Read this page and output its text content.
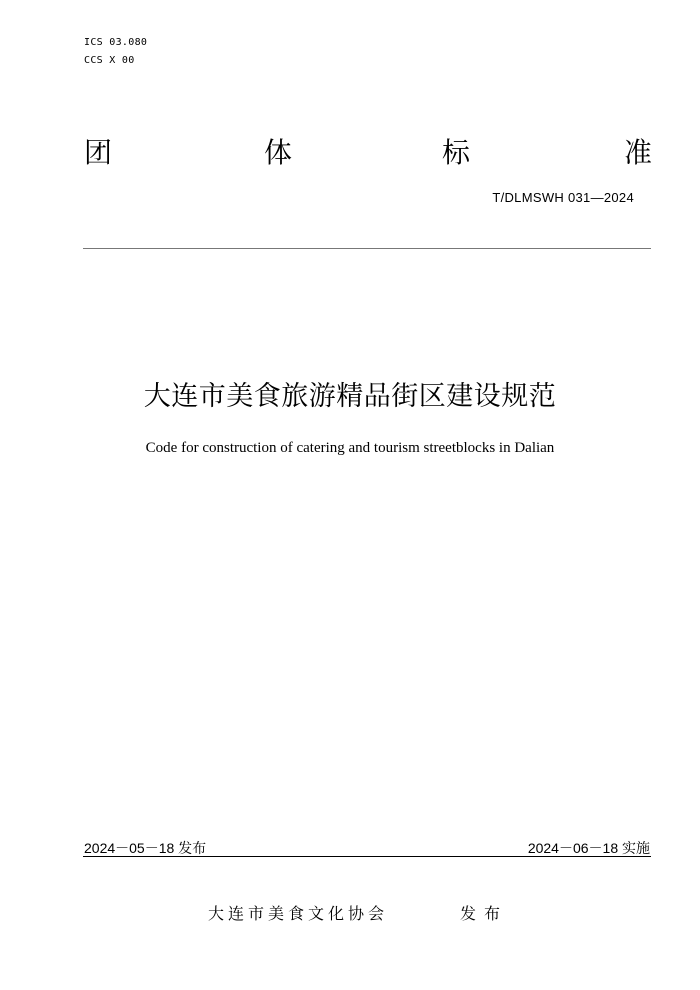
ICS 03.080
CCS X 00
团	体	标	准
T/DLMSWH 031—2024
大连市美食旅游精品街区建设规范
Code for construction of catering and tourism streetblocks in Dalian
2024－05－18 发布	2024－06－18 实施
大连市美食文化协会	发布
